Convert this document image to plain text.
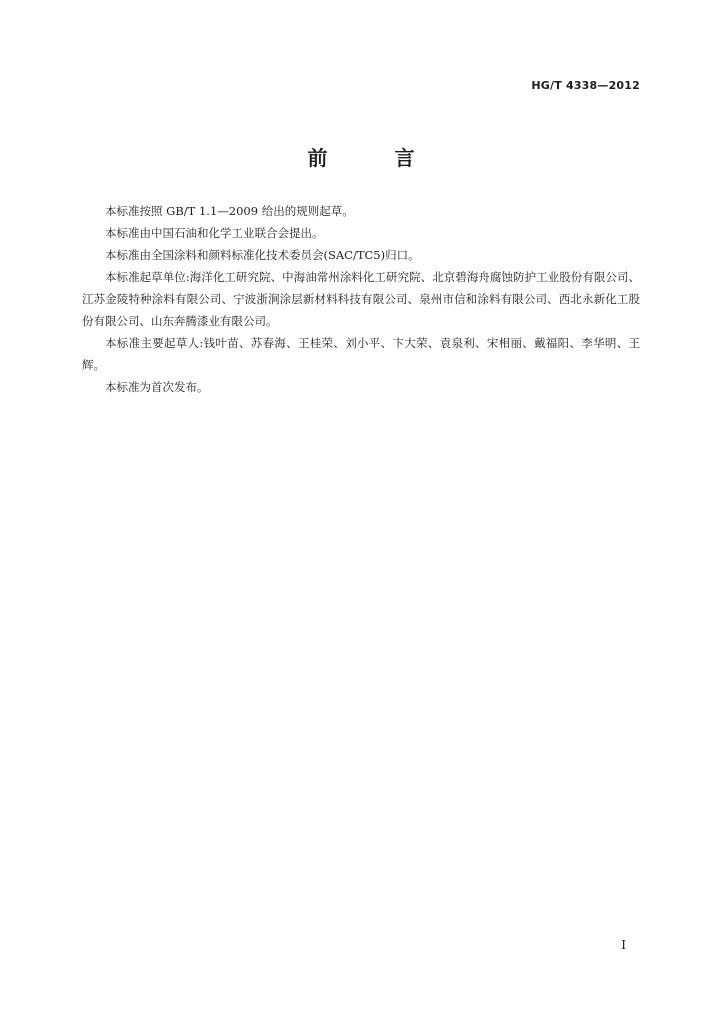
HG/T 4338—2012
前 言

本标准按照 GB/T 1.1—2009 给出的规则起草。

本标准由中国石油和化学工业联合会提出。

本标准由全国涂料和颜料标准化技术委员会(SAC/TC5)归口。

本标准起草单位:海洋化工研究院、中海油常州涂料化工研究院、北京碧海舟腐蚀防护工业股份有限公司、江苏金陵特种涂料有限公司、宁波浙涧涂层新材料科技有限公司、泉州市信和涂料有限公司、西北永新化工股份有限公司、山东奔腾漆业有限公司。

本标准主要起草人:钱叶苗、苏春海、王桂荣、刘小平、卞大荣、袁泉利、宋相丽、戴福阳、李华明、王辉。

本标准为首次发布。

I
